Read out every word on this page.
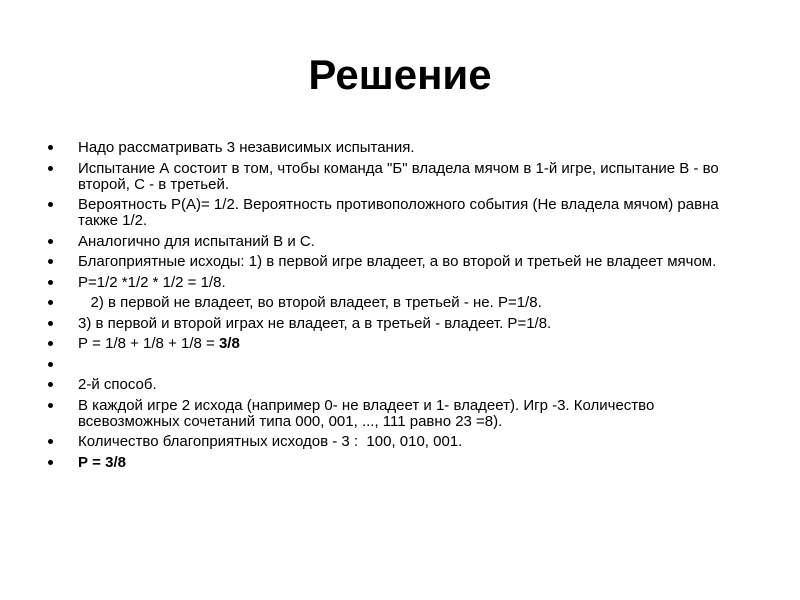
Решение
Надо рассматривать 3 независимых испытания.
Испытание А состоит в том, чтобы команда "Б" владела мячом в 1-й игре, испытание В - во второй, С - в третьей.
Вероятность Р(А)= 1/2. Вероятность противоположного события (Не владела мячом) равна также 1/2.
Аналогично для испытаний В и С.
Благоприятные исходы: 1) в первой игре владеет, а во второй и третьей не владеет мячом.
Р=1/2 *1/2 * 1/2 = 1/8.
2) в первой не владеет, во второй владеет, в третьей - не. Р=1/8.
3) в первой и второй играх не владеет, а в третьей - владеет. Р=1/8.
Р = 1/8 + 1/8 + 1/8 = 3/8
2-й способ.
В каждой игре 2 исхода (например 0- не владеет и 1- владеет). Игр -3. Количество всевозможных сочетаний типа 000, 001, ..., 111 равно 23 =8).
Количество благоприятных исходов - 3 :  100, 010, 001.
Р = 3/8
